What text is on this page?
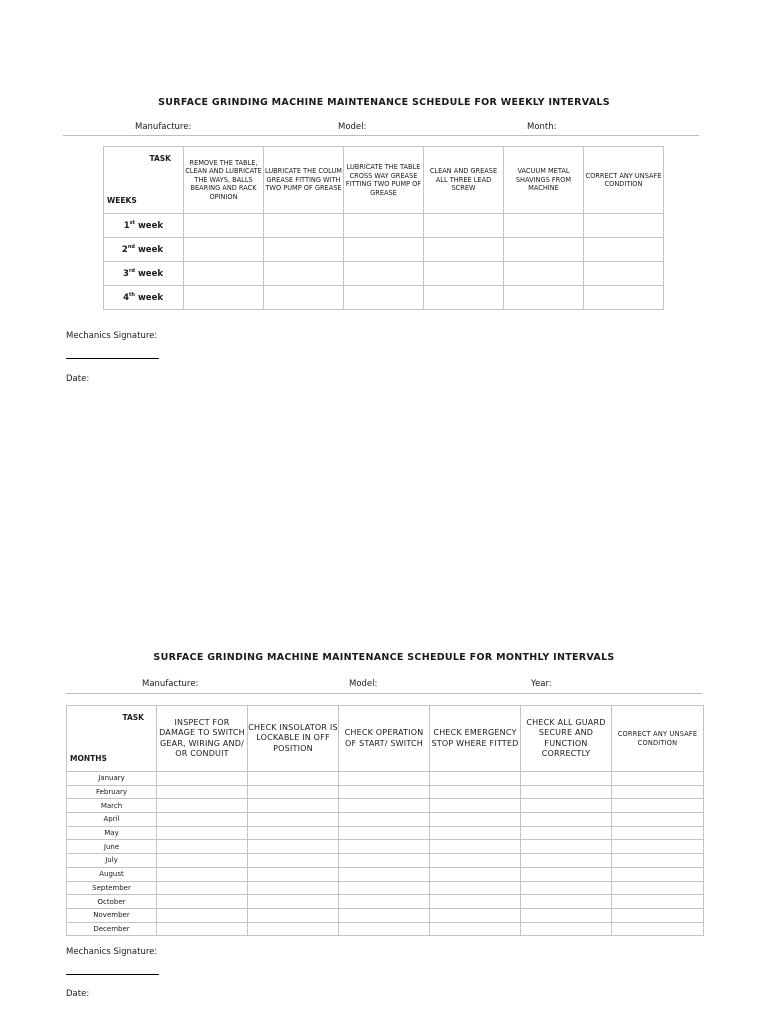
SURFACE GRINDING MACHINE MAINTENANCE SCHEDULE FOR WEEKLY INTERVALS
Manufacture:	Model:	Month:
TASK
WEEKS	REMOVE THE TABLE, CLEAN AND LUBRICATE THE WAYS, BALLS BEARING AND RACK OPINION	LUBRICATE THE COLUM GREASE FITTING WITH TWO PUMP OF GREASE	LUBRICATE THE TABLE CROSS WAY GREASE FITTING TWO PUMP OF GREASE	CLEAN AND GREASE ALL THREE LEAD SCREW	VACUUM METAL SHAVINGS FROM MACHINE	CORRECT ANY UNSAFE CONDITION
1st week						
2nd week						
3rd week						
4th week						
Mechanics Signature:
Date:
SURFACE GRINDING MACHINE MAINTENANCE SCHEDULE FOR MONTHLY INTERVALS
Manufacture:	Model:	Year:
TASK
MONTHS	INSPECT FOR DAMAGE TO SWITCH GEAR, WIRING AND/ OR CONDUIT	CHECK INSOLATOR IS LOCKABLE IN OFF POSITION	CHECK OPERATION OF START/ SWITCH	CHECK EMERGENCY STOP WHERE FITTED	CHECK ALL GUARD SECURE AND FUNCTION CORRECTLY	CORRECT ANY UNSAFE CONDITION
January						
February						
March						
April						
May						
June						
July						
August						
September						
October						
November						
December						
Mechanics Signature:
Date:
